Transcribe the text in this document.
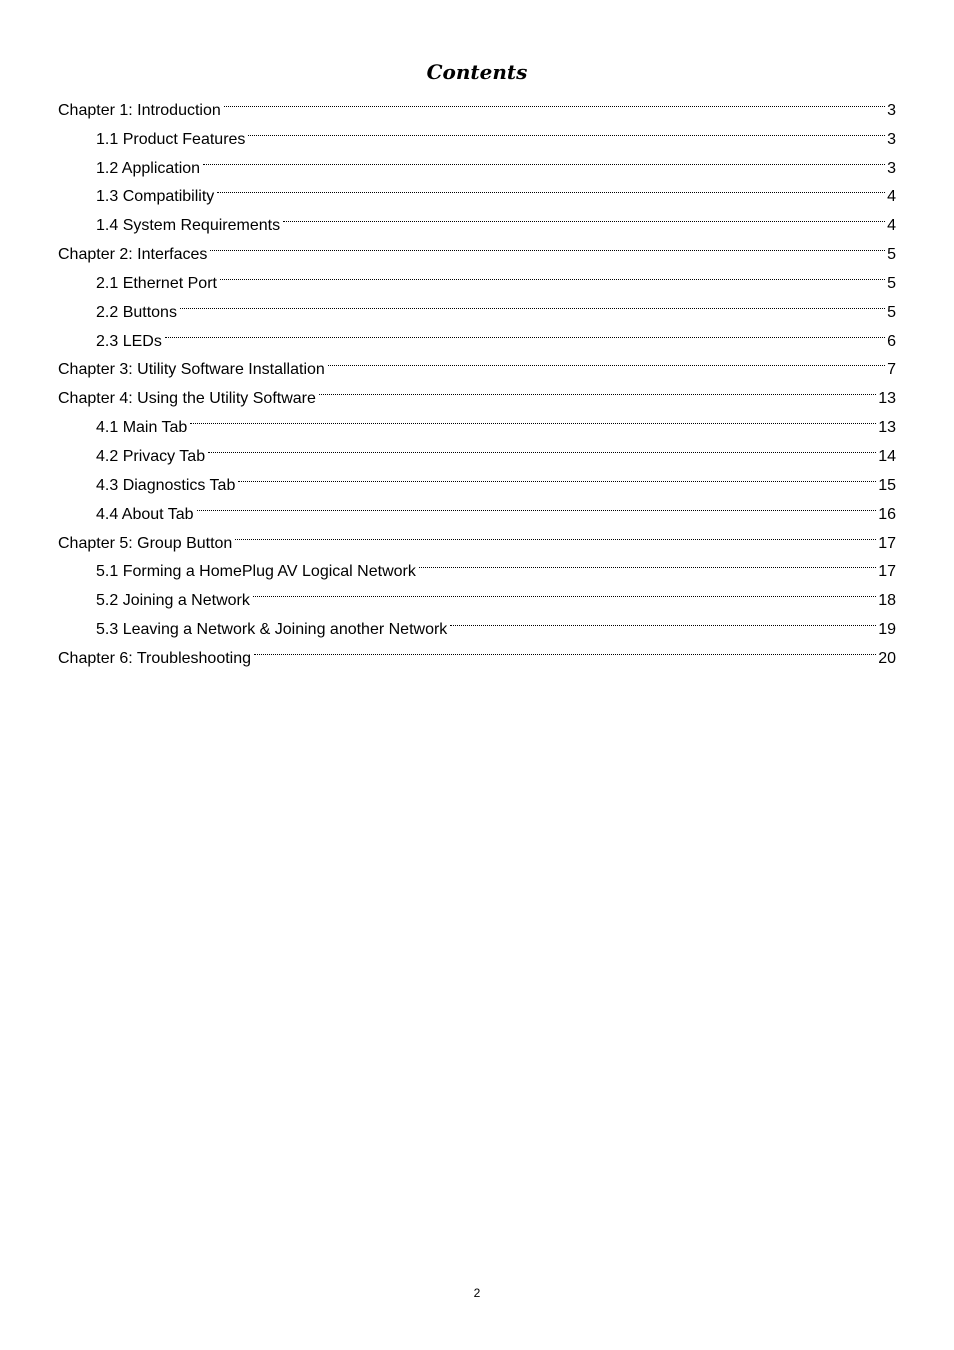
Contents
Chapter 1: Introduction	3
1.1 Product Features	3
1.2 Application	3
1.3 Compatibility	4
1.4 System Requirements	4
Chapter 2: Interfaces	5
2.1 Ethernet Port	5
2.2 Buttons	5
2.3 LEDs	6
Chapter 3: Utility Software Installation	7
Chapter 4: Using the Utility Software	13
4.1 Main Tab	13
4.2 Privacy Tab	14
4.3 Diagnostics Tab	15
4.4 About Tab	16
Chapter 5: Group Button	17
5.1 Forming a HomePlug AV Logical Network	17
5.2 Joining a Network	18
5.3 Leaving a Network & Joining another Network	19
Chapter 6: Troubleshooting	20
2
